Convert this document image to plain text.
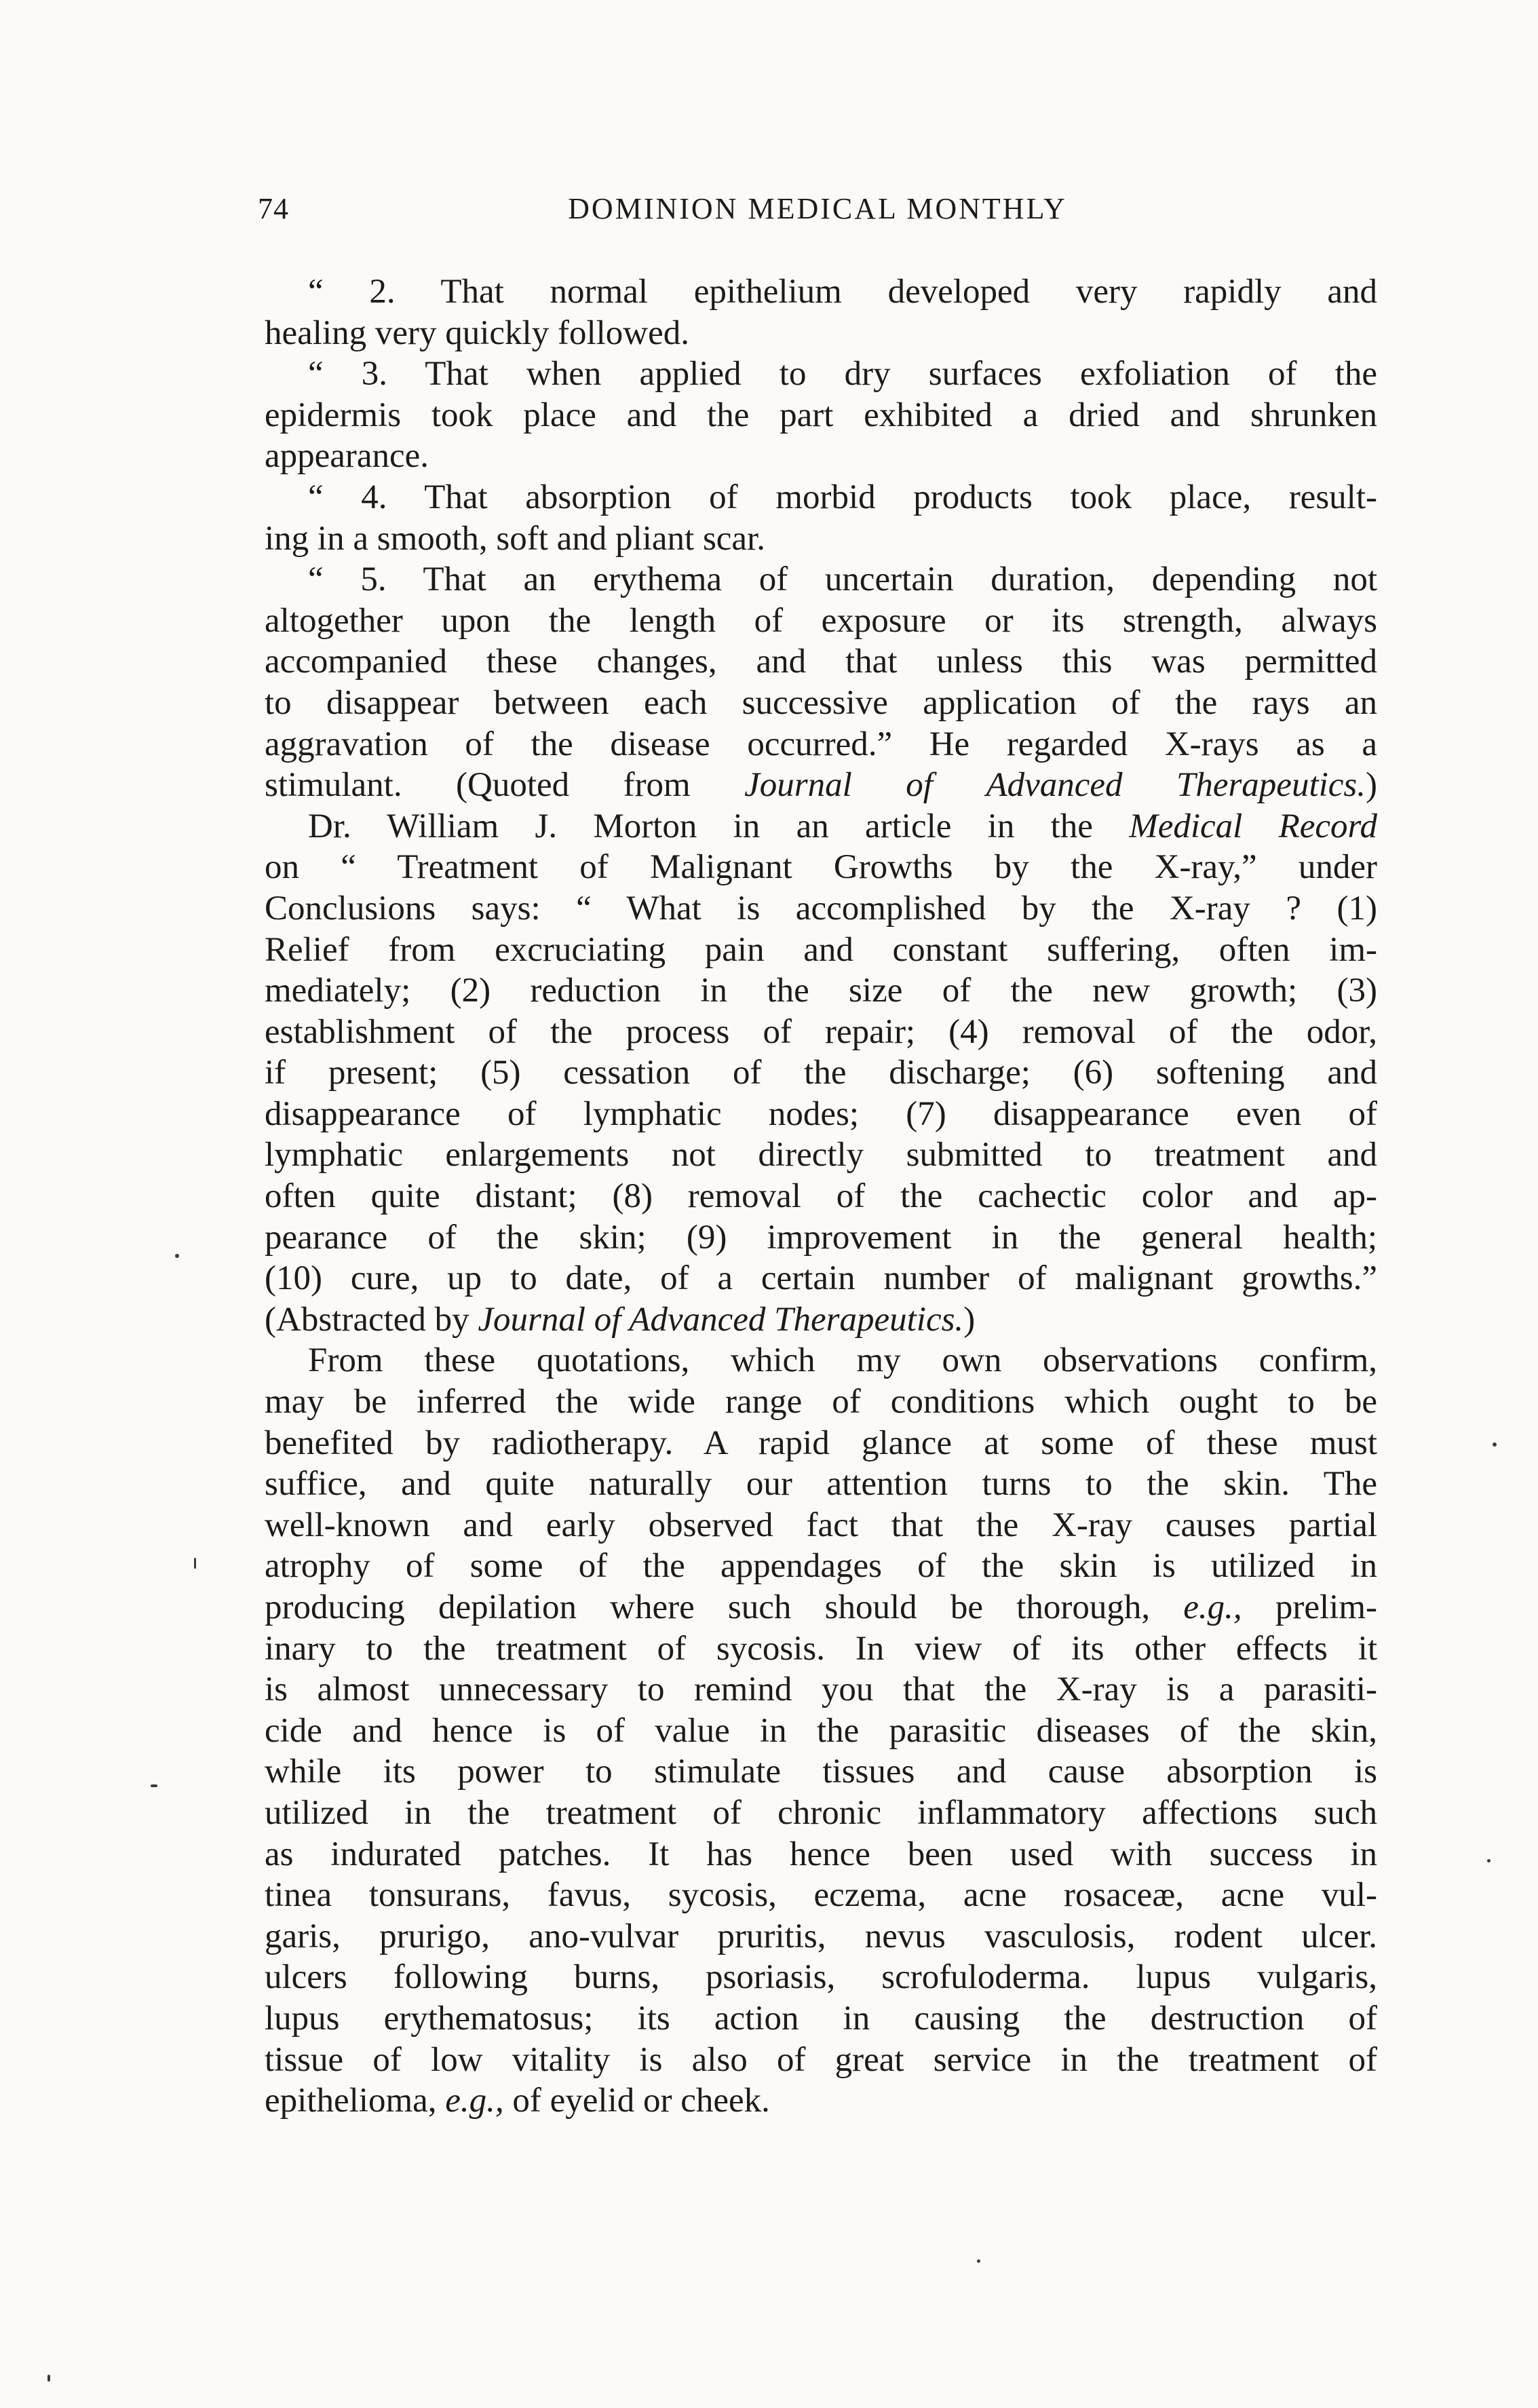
74	DOMINION MEDICAL MONTHLY
“ 2. That normal epithelium developed very rapidly and
healing very quickly followed.
“ 3. That when applied to dry surfaces exfoliation of the
epidermis took place and the part exhibited a dried and shrunken
appearance.
“ 4. That absorption of morbid products took place, result-
ing in a smooth, soft and pliant scar.
“ 5. That an erythema of uncertain duration, depending not
altogether upon the length of exposure or its strength, always
accompanied these changes, and that unless this was permitted
to disappear between each successive application of the rays an
aggravation of the disease occurred.” He regarded X-rays as a
stimulant. (Quoted from Journal of Advanced Therapeutics.)
Dr. William J. Morton in an article in the Medical Record
on “ Treatment of Malignant Growths by the X-ray,” under
Conclusions says: “ What is accomplished by the X-ray ? (1)
Relief from excruciating pain and constant suffering, often im-
mediately; (2) reduction in the size of the new growth; (3)
establishment of the process of repair; (4) removal of the odor,
if present; (5) cessation of the discharge; (6) softening and
disappearance of lymphatic nodes; (7) disappearance even of
lymphatic enlargements not directly submitted to treatment and
often quite distant; (8) removal of the cachectic color and ap-
pearance of the skin; (9) improvement in the general health;
(10) cure, up to date, of a certain number of malignant growths.”
(Abstracted by Journal of Advanced Therapeutics.)
From these quotations, which my own observations confirm,
may be inferred the wide range of conditions which ought to be
benefited by radiotherapy. A rapid glance at some of these must
suffice, and quite naturally our attention turns to the skin. The
well-known and early observed fact that the X-ray causes partial
atrophy of some of the appendages of the skin is utilized in
producing depilation where such should be thorough, e.g., prelim-
inary to the treatment of sycosis. In view of its other effects it
is almost unnecessary to remind you that the X-ray is a parasiti-
cide and hence is of value in the parasitic diseases of the skin,
while its power to stimulate tissues and cause absorption is
utilized in the treatment of chronic inflammatory affections such
as indurated patches. It has hence been used with success in
tinea tonsurans, favus, sycosis, eczema, acne rosaceæ, acne vul-
garis, prurigo, ano-vulvar pruritis, nevus vasculosis, rodent ulcer.
ulcers following burns, psoriasis, scrofuloderma. lupus vulgaris,
lupus erythematosus; its action in causing the destruction of
tissue of low vitality is also of great service in the treatment of
epithelioma, e.g., of eyelid or cheek.
